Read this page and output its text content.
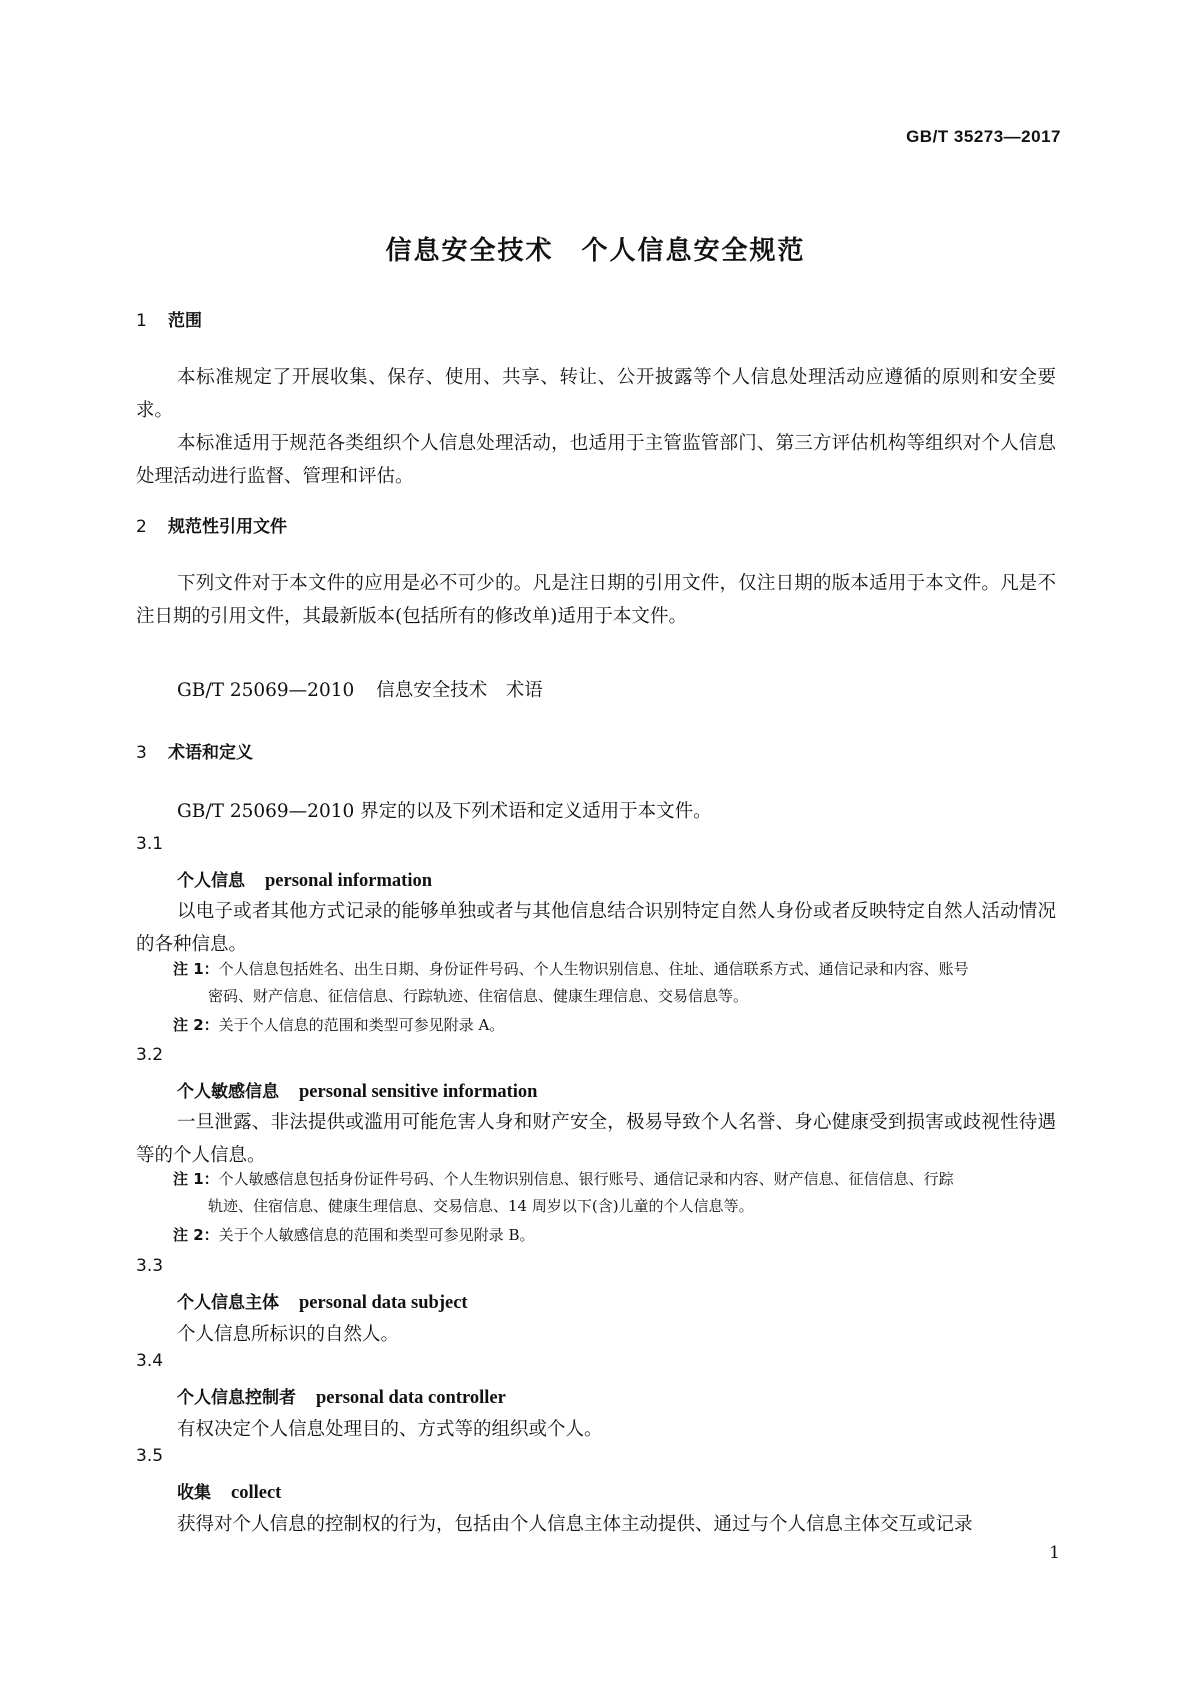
GB/T 35273—2017
信息安全技术　个人信息安全规范
1 范围

本标准规定了开展收集、保存、使用、共享、转让、公开披露等个人信息处理活动应遵循的原则和安全要求。

本标准适用于规范各类组织个人信息处理活动，也适用于主管监管部门、第三方评估机构等组织对个人信息处理活动进行监督、管理和评估。

2 规范性引用文件

下列文件对于本文件的应用是必不可少的。凡是注日期的引用文件，仅注日期的版本适用于本文件。凡是不注日期的引用文件，其最新版本(包括所有的修改单)适用于本文件。

GB/T 25069—2010 信息安全技术　术语
3 术语和定义
GB/T 25069—2010 界定的以及下列术语和定义适用于本文件。
3.1
个人信息 personal information

以电子或者其他方式记录的能够单独或者与其他信息结合识别特定自然人身份或者反映特定自然人活动情况的各种信息。

注 1：个人信息包括姓名、出生日期、身份证件号码、个人生物识别信息、住址、通信联系方式、通信记录和内容、账号
密码、财产信息、征信信息、行踪轨迹、住宿信息、健康生理信息、交易信息等。
注 2：关于个人信息的范围和类型可参见附录 A。
3.2
个人敏感信息 personal sensitive information

一旦泄露、非法提供或滥用可能危害人身和财产安全，极易导致个人名誉、身心健康受到损害或歧视性待遇等的个人信息。

注 1：个人敏感信息包括身份证件号码、个人生物识别信息、银行账号、通信记录和内容、财产信息、征信信息、行踪
轨迹、住宿信息、健康生理信息、交易信息、14 周岁以下(含)儿童的个人信息等。
注 2：关于个人敏感信息的范围和类型可参见附录 B。
3.3
个人信息主体 personal data subject
个人信息所标识的自然人。
3.4
个人信息控制者 personal data controller
有权决定个人信息处理目的、方式等的组织或个人。
3.5
收集 collect
获得对个人信息的控制权的行为，包括由个人信息主体主动提供、通过与个人信息主体交互或记录
1
